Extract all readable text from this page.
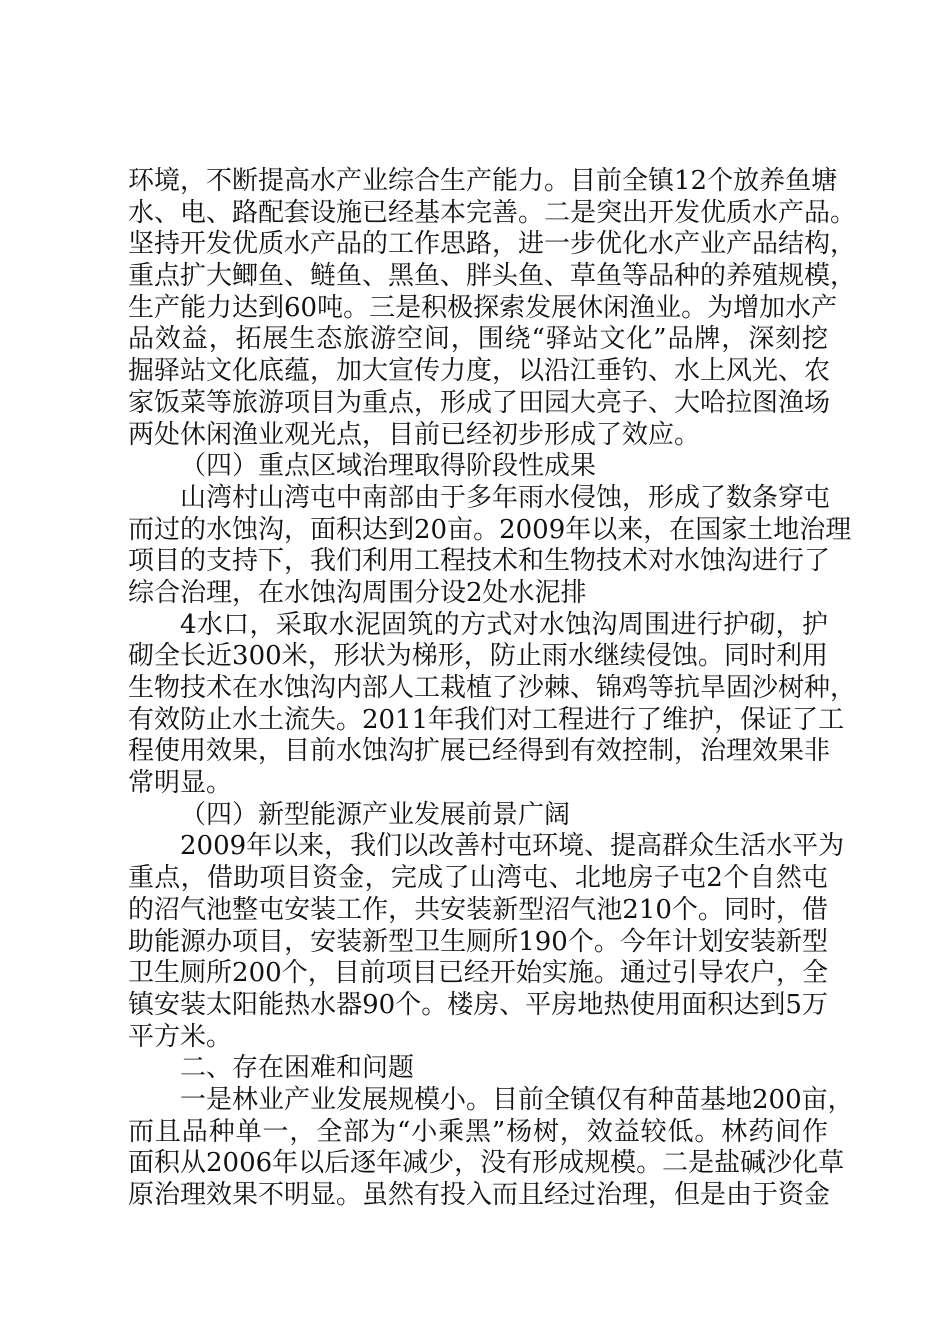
环境，不断提高水产业综合生产能力。目前全镇12个放养鱼塘
水、电、路配套设施已经基本完善。二是突出开发优质水产品。
坚持开发优质水产品的工作思路，进一步优化水产业产品结构，
重点扩大鲫鱼、鲢鱼、黑鱼、胖头鱼、草鱼等品种的养殖规模，
生产能力达到60吨。三是积极探索发展休闲渔业。为增加水产
品效益，拓展生态旅游空间，围绕“驿站文化”品牌，深刻挖
掘驿站文化底蕴，加大宣传力度，以沿江垂钓、水上风光、农
家饭菜等旅游项目为重点，形成了田园大亮子、大哈拉图渔场
两处休闲渔业观光点，目前已经初步形成了效应。
（四）重点区域治理取得阶段性成果
山湾村山湾屯中南部由于多年雨水侵蚀，形成了数条穿屯
而过的水蚀沟，面积达到20亩。2009年以来，在国家土地治理
项目的支持下，我们利用工程技术和生物技术对水蚀沟进行了
综合治理，在水蚀沟周围分设2处水泥排
4水口，采取水泥固筑的方式对水蚀沟周围进行护砌，护
砌全长近300米，形状为梯形，防止雨水继续侵蚀。同时利用
生物技术在水蚀沟内部人工栽植了沙棘、锦鸡等抗旱固沙树种，
有效防止水土流失。2011年我们对工程进行了维护，保证了工
程使用效果，目前水蚀沟扩展已经得到有效控制，治理效果非
常明显。
（四）新型能源产业发展前景广阔
2009年以来，我们以改善村屯环境、提高群众生活水平为
重点，借助项目资金，完成了山湾屯、北地房子屯2个自然屯
的沼气池整屯安装工作，共安装新型沼气池210个。同时，借
助能源办项目，安装新型卫生厕所190个。今年计划安装新型
卫生厕所200个，目前项目已经开始实施。通过引导农户，全
镇安装太阳能热水器90个。楼房、平房地热使用面积达到5万
平方米。
二、存在困难和问题
一是林业产业发展规模小。目前全镇仅有种苗基地200亩，
而且品种单一，全部为“小乘黑”杨树，效益较低。林药间作
面积从2006年以后逐年减少，没有形成规模。二是盐碱沙化草
原治理效果不明显。虽然有投入而且经过治理，但是由于资金
